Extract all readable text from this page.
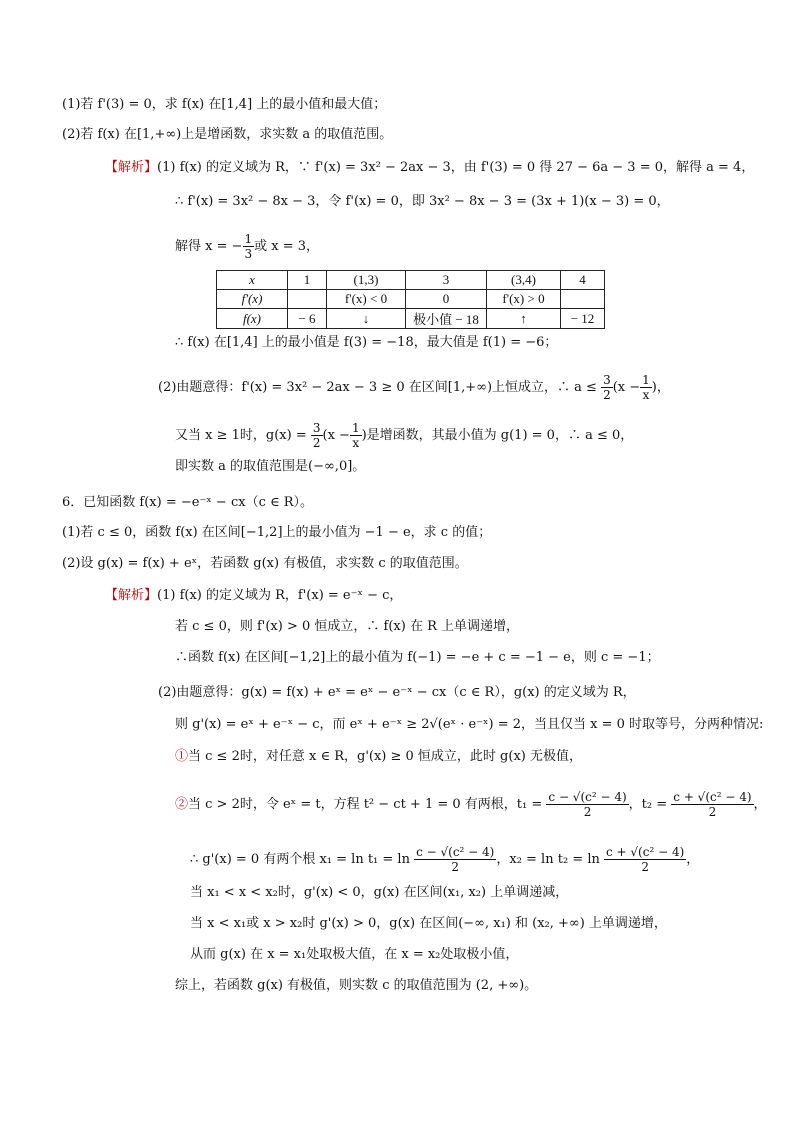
(1)若 f'(3) = 0，求 f(x) 在[1,4] 上的最小值和最大值；
(2)若 f(x) 在[1,+∞)上是增函数，求实数 a 的取值范围。
【解析】(1) f(x) 的定义域为 R，∵ f'(x) = 3x² − 2ax − 3，由 f'(3) = 0 得 27 − 6a − 3 = 0，解得 a = 4，
∴ f'(x) = 3x² − 8x − 3，令 f'(x) = 0，即 3x² − 8x − 3 = (3x + 1)(x − 3) = 0，
解得 x = − $\frac{1}{3}$ 或 x = 3，
x	1	(1,3)	3	(3,4)	4
f'(x)		f'(x) < 0	0	f'(x) > 0	
f(x)	− 6	↓	极小值 − 18	↑	− 12
∴ f(x) 在[1,4] 上的最小值是 f(3) = −18，最大值是 f(1) = −6；
(2)由题意得：f'(x) = 3x² − 2ax − 3 ≥ 0 在区间[1,+∞)上恒成立，∴ $a \le \frac{3}{2} (x - \frac{1}{x}$ )，
又当 x ≥ 1时，$g(x) = \frac{3}{2} (x - \frac{1}{x}$ )是增函数，其最小值为 g(1) = 0，∴ a ≤ 0，
即实数 a 的取值范围是(−∞,0]。
6．已知函数 f(x) = −e⁻ˣ − cx（c ∈ R）。
(1)若 c ≤ 0，函数 f(x) 在区间[−1,2]上的最小值为 −1 − e，求 c 的值；
(2)设 g(x) = f(x) + eˣ，若函数 g(x) 有极值，求实数 c 的取值范围。
【解析】(1) f(x) 的定义域为 R，f'(x) = e⁻ˣ − c，
若 c ≤ 0，则 f'(x) > 0 恒成立，∴ f(x) 在 R 上单调递增，
∴函数 f(x) 在区间[−1,2]上的最小值为 f(−1) = −e + c = −1 − e，则 c = −1；
(2)由题意得：g(x) = f(x) + eˣ = eˣ − e⁻ˣ − cx（c ∈ R），g(x) 的定义域为 R，
则 g'(x) = eˣ + e⁻ˣ − c，而 eˣ + e⁻ˣ ≥ 2√(eˣ · e⁻ˣ) = 2，当且仅当 x = 0 时取等号，分两种情况:
①当 c ≤ 2时，对任意 x ∈ R，g'(x) ≥ 0 恒成立，此时 g(x) 无极值，
②当 c > 2时，令 eˣ = t，方程 t² − ct + 1 = 0 有两根，$t_1 = \frac{\text{c − √(c² − 4)}}{2}$ ，$t_2 = \frac{\text{c + √(c² − 4)}}{2}$ ，
∴ g'(x) = 0 有两个根 $x_1 = \ln t_1 = \ln \frac{\text{c − √(c² − 4)}}{2}$ ，$x_2 = \ln t_2 = \ln \frac{\text{c + √(c² − 4)}}{2}$ ，
当 x₁ < x < x₂时，g'(x) < 0，g(x) 在区间(x₁, x₂) 上单调递减，
当 x < x₁或 x > x₂时 g'(x) > 0，g(x) 在区间(−∞, x₁) 和 (x₂, +∞) 上单调递增，
从而 g(x) 在 x = x₁处取极大值，在 x = x₂处取极小值，
综上，若函数 g(x) 有极值，则实数 c 的取值范围为 (2, +∞)。
